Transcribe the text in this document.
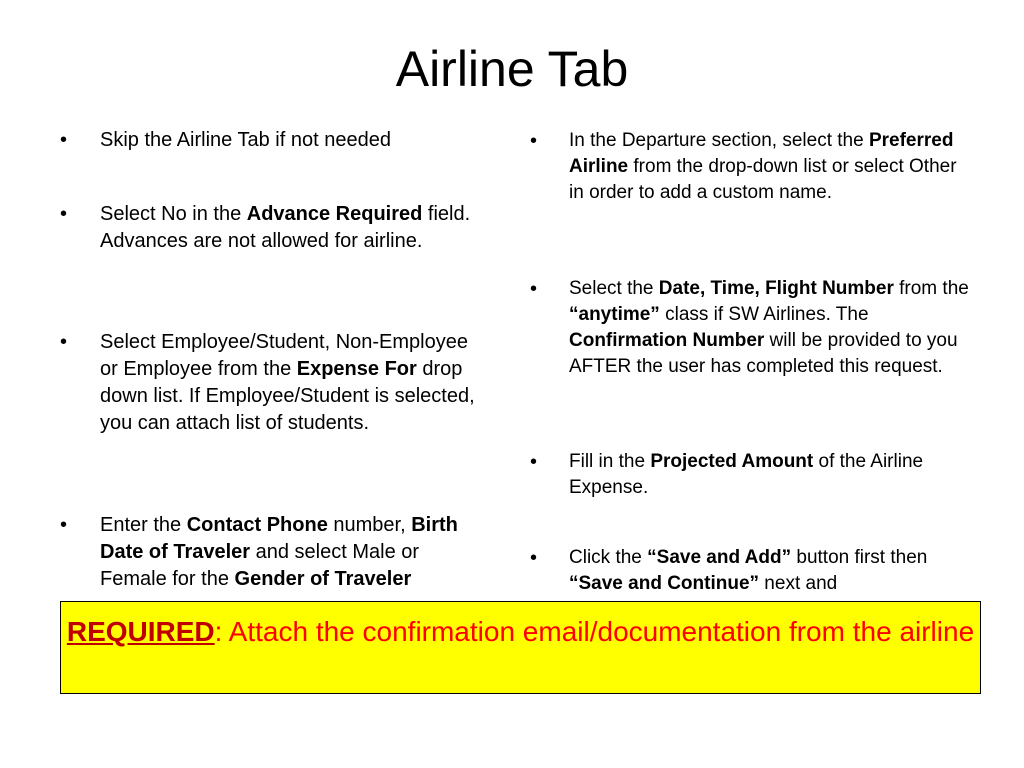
Airline Tab
• Skip the Airline Tab if not needed
• Select No in the Advance Required field. Advances are not allowed for airline.
• Select Employee/Student, Non-Employee or Employee from the Expense For drop down list. If Employee/Student is selected, you can attach list of students.
• Enter the Contact Phone number, Birth Date of Traveler and select Male or Female for the Gender of Traveler
• In the Departure section, select the Preferred Airline from the drop-down list or select Other in order to add a custom name.
• Select the Date, Time, Flight Number from the “anytime” class if SW Airlines. The Confirmation Number will be provided to you AFTER the user has completed this request.
• Fill in the Projected Amount of the Airline Expense.
• Click the “Save and Add” button first then “Save and Continue” next and
REQUIRED: Attach the confirmation email/documentation from the airline
